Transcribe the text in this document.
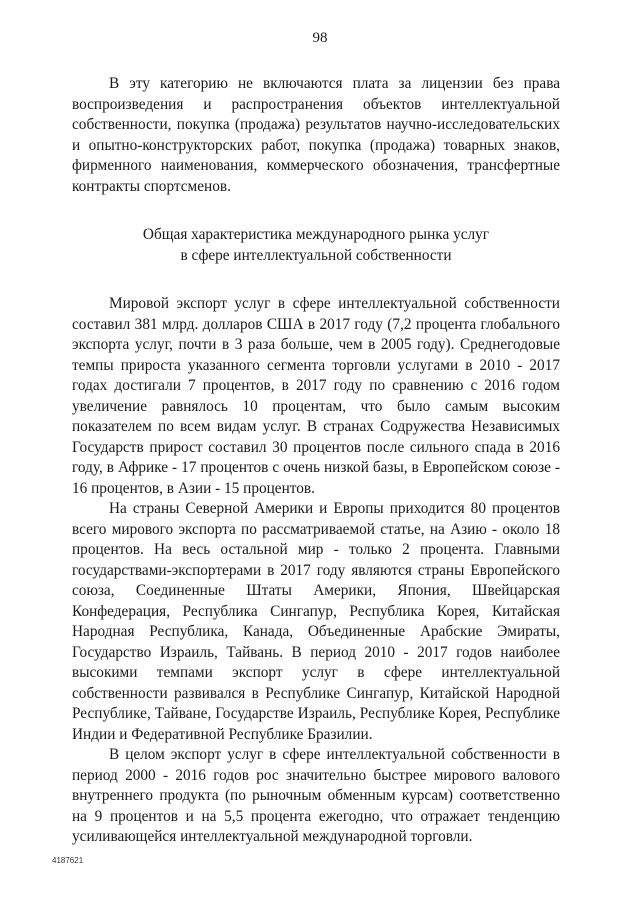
98

В эту категорию не включаются плата за лицензии без права воспроизведения и распространения объектов интеллектуальной собственности, покупка (продажа) результатов научно-исследовательских и опытно-конструкторских работ, покупка (продажа) товарных знаков, фирменного наименования, коммерческого обозначения, трансфертные контракты спортсменов.

Общая характеристика международного рынка услуг
в сфере интеллектуальной собственности

Мировой экспорт услуг в сфере интеллектуальной собственности составил 381 млрд. долларов США в 2017 году (7,2 процента глобального экспорта услуг, почти в 3 раза больше, чем в 2005 году). Среднегодовые темпы прироста указанного сегмента торговли услугами в 2010 - 2017 годах достигали 7 процентов, в 2017 году по сравнению с 2016 годом увеличение равнялось 10 процентам, что было самым высоким показателем по всем видам услуг. В странах Содружества Независимых Государств прирост составил 30 процентов после сильного спада в 2016 году, в Африке - 17 процентов с очень низкой базы, в Европейском союзе - 16 процентов, в Азии - 15 процентов.

На страны Северной Америки и Европы приходится 80 процентов всего мирового экспорта по рассматриваемой статье, на Азию - около 18 процентов. На весь остальной мир - только 2 процента. Главными государствами-экспортерами в 2017 году являются страны Европейского союза, Соединенные Штаты Америки, Япония, Швейцарская Конфедерация, Республика Сингапур, Республика Корея, Китайская Народная Республика, Канада, Объединенные Арабские Эмираты, Государство Израиль, Тайвань. В период 2010 - 2017 годов наиболее высокими темпами экспорт услуг в сфере интеллектуальной собственности развивался в Республике Сингапур, Китайской Народной Республике, Тайване, Государстве Израиль, Республике Корея, Республике Индии и Федеративной Республике Бразилии.

В целом экспорт услуг в сфере интеллектуальной собственности в период 2000 - 2016 годов рос значительно быстрее мирового валового внутреннего продукта (по рыночным обменным курсам) соответственно на 9 процентов и на 5,5 процента ежегодно, что отражает тенденцию усиливающейся интеллектуальной международной торговли.

4187621
